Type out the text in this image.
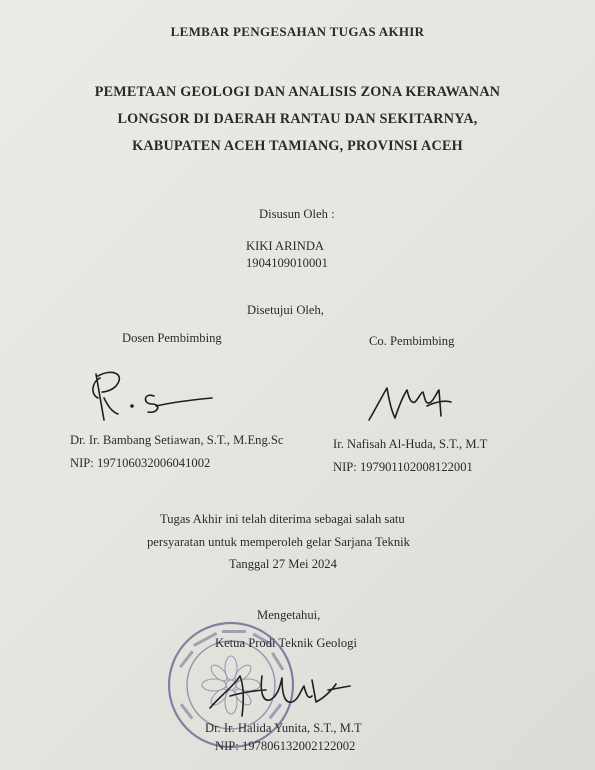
LEMBAR PENGESAHAN TUGAS AKHIR
PEMETAAN GEOLOGI DAN ANALISIS ZONA KERAWANAN
LONGSOR DI DAERAH RANTAU DAN SEKITARNYA,
KABUPATEN ACEH TAMIANG, PROVINSI ACEH
Disusun Oleh :
KIKI ARINDA
1904109010001
Disetujui Oleh,
Dosen Pembimbing	Co. Pembimbing
Dr. Ir. Bambang Setiawan, S.T., M.Eng.Sc
NIP: 197106032006041002
Ir. Nafisah Al-Huda, S.T., M.T
NIP: 197901102008122001
Tugas Akhir ini telah diterima sebagai salah satu
persyaratan untuk memperoleh gelar Sarjana Teknik
Tanggal 27 Mei 2024
Mengetahui,
Ketua Prodi Teknik Geologi
Dr. Ir. Halida Yunita, S.T., M.T
NIP: 197806132002122002
